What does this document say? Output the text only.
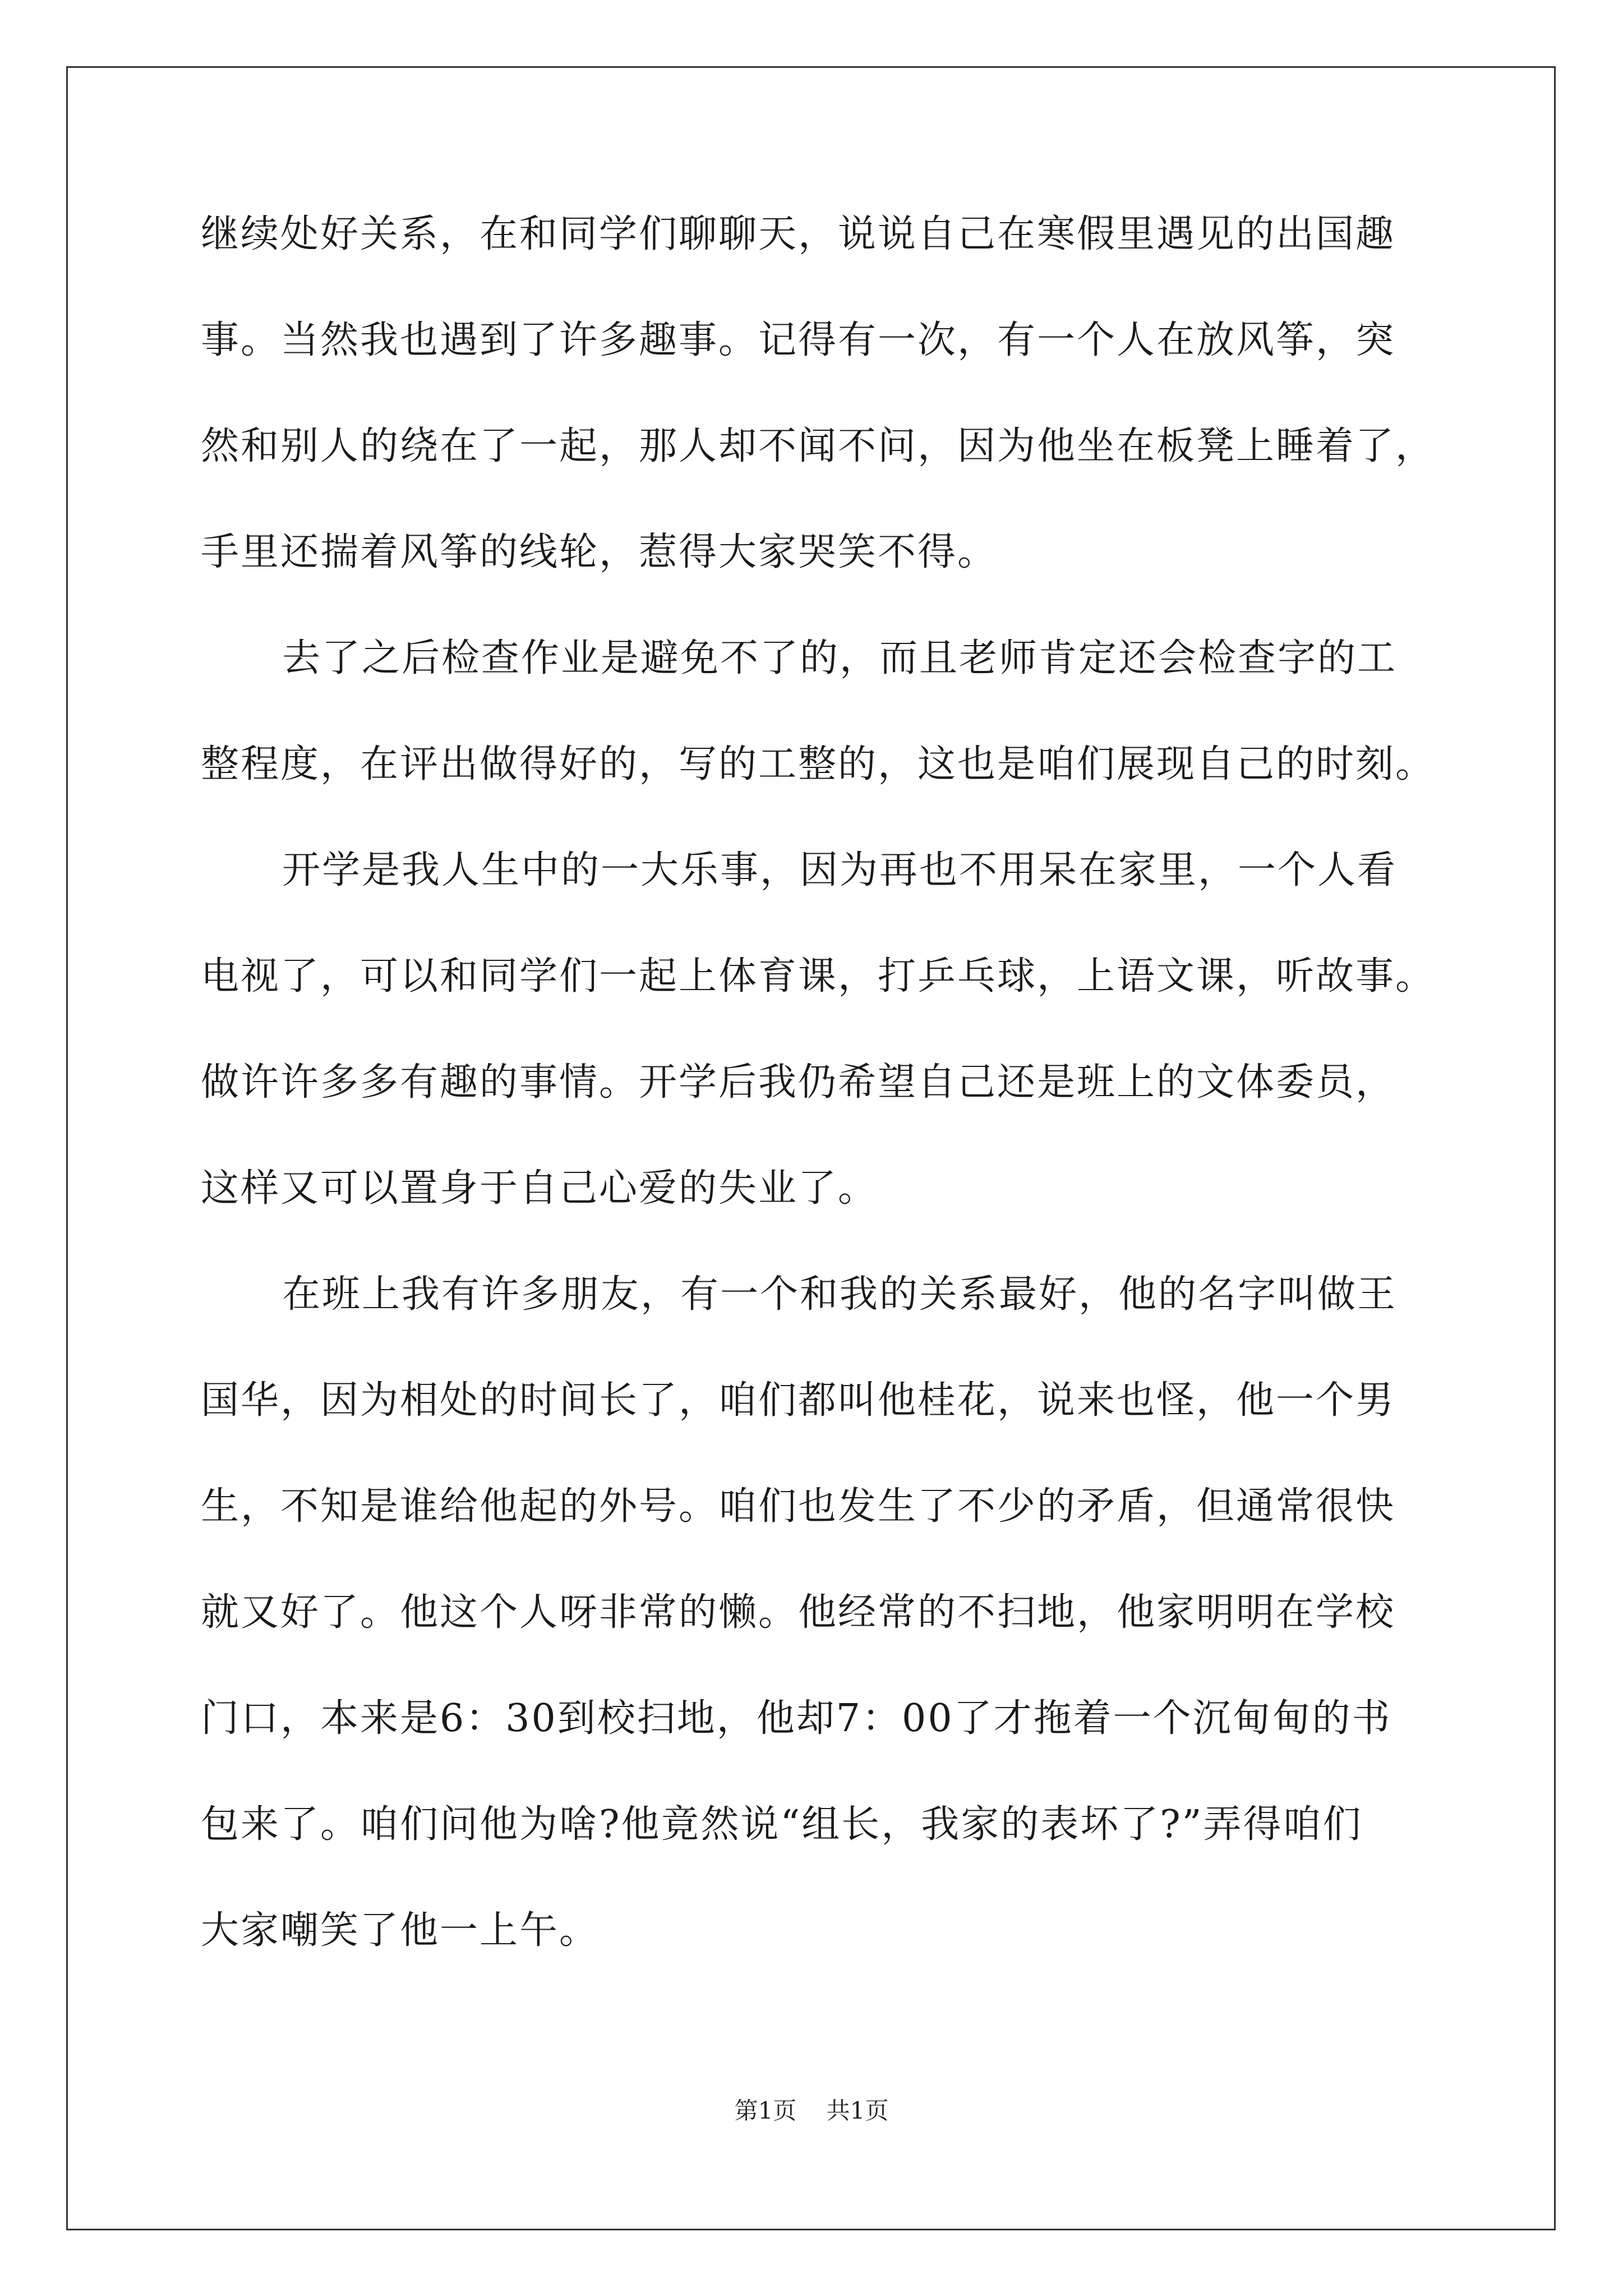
继续处好关系，在和同学们聊聊天，说说自己在寒假里遇见的出国趣
事。当然我也遇到了许多趣事。记得有一次，有一个人在放风筝，突
然和别人的绕在了一起，那人却不闻不问，因为他坐在板凳上睡着了，
手里还揣着风筝的线轮，惹得大家哭笑不得。
去了之后检查作业是避免不了的，而且老师肯定还会检查字的工
整程度，在评出做得好的，写的工整的，这也是咱们展现自己的时刻。
开学是我人生中的一大乐事，因为再也不用呆在家里，一个人看
电视了，可以和同学们一起上体育课，打乒乓球，上语文课，听故事。
做许许多多有趣的事情。开学后我仍希望自己还是班上的文体委员，
这样又可以置身于自己心爱的失业了。
在班上我有许多朋友，有一个和我的关系最好，他的名字叫做王
国华，因为相处的时间长了，咱们都叫他桂花，说来也怪，他一个男
生，不知是谁给他起的外号。咱们也发生了不少的矛盾，但通常很快
就又好了。他这个人呀非常的懒。他经常的不扫地，他家明明在学校
门口，本来是6：30到校扫地，他却7：00了才拖着一个沉甸甸的书
包来了。咱们问他为啥?他竟然说“组长，我家的表坏了?”弄得咱们
大家嘲笑了他一上午。
第1页 共1页
